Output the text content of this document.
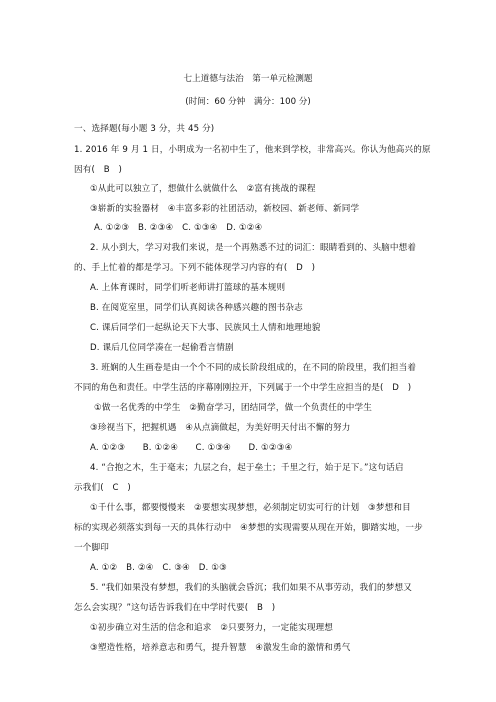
七上道德与法治　第一单元检测题
(时间：60 分钟　满分：100 分)
一、选择题(每小题 3 分，共 45 分)
1. 2016 年 9 月 1 日，小明成为一名初中生了，他来到学校，非常高兴。你认为他高兴的原
因有(　B　)
①从此可以独立了，想做什么就做什么　②富有挑战的课程
③崭新的实验器材　④丰富多彩的社团活动，新校园、新老师、新同学
A. ①②③　B. ②③④　C. ①③④　D. ①②④
2. 从小到大，学习对我们来说，是一个再熟悉不过的词汇：眼睛看到的、头脑中想着
的、手上忙着的都是学习。下列不能体现学习内容的有(　D　)
A. 上体育课时，同学们听老师讲打篮球的基本规则
B. 在阅览室里，同学们认真阅读各种感兴趣的图书杂志
C. 课后同学们一起纵论天下大事、民族风土人情和地理地貌
D. 课后几位同学凑在一起偷看言情剧
3. 班娴的人生画卷是由一个个不同的成长阶段组成的，在不同的阶段里，我们担当着
不同的角色和责任。中学生活的序幕刚刚拉开，下列属于一个中学生应担当的是(　D　)
①做一名优秀的中学生　②勤奋学习，团结同学，做一个负责任的中学生
③珍视当下，把握机遇　④从点滴做起，为美好明天付出不懈的努力
A. ①②③　　B. ①②④　　C. ①③④　　D. ①②③④
4. “合抱之木，生于毫末；九层之台，起于垒土；千里之行，始于足下。”这句话启
示我们(　C　)
①千什么事，都要慢慢来　②要想实现梦想，必须制定切实可行的计划　③梦想和目
标的实现必须落实到每一天的具体行动中　④梦想的实现需要从现在开始，脚踏实地，一步
一个脚印
A. ①②　B. ②④　C. ③④　D. ①③
5. “我们如果没有梦想，我们的头脑就会昏沉；我们如果不从事劳动，我们的梦想又
怎么会实现？”这句话告诉我们在中学时代要(　B　)
①初步确立对生活的信念和追求　②只要努力，一定能实现理想
③塑造性格，培养意志和勇气，提升智慧　④激发生命的激情和勇气
